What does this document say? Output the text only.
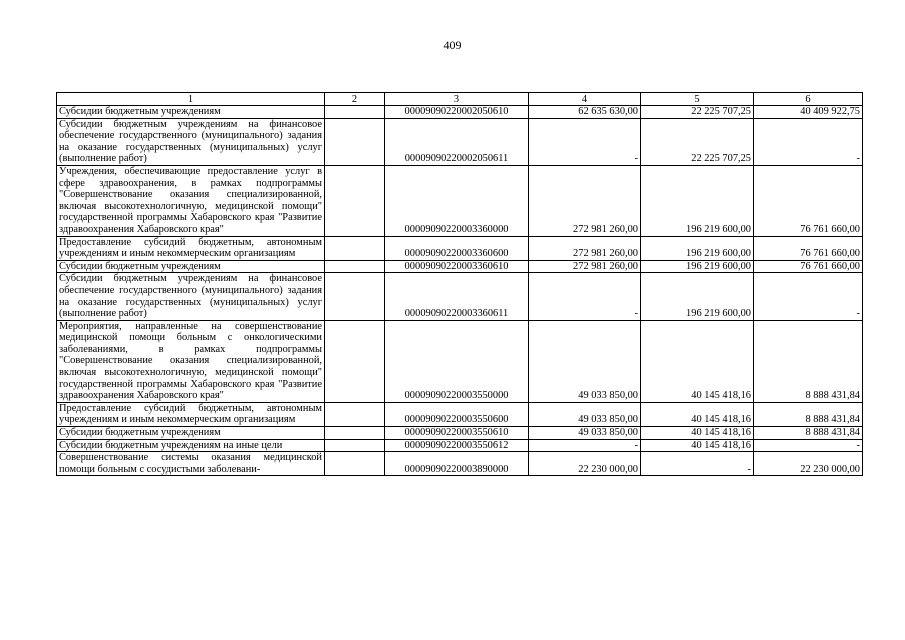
409
1	2	3	4	5	6
Субсидии бюджетным учреждениям		00009090220002050610	62 635 630,00	22 225 707,25	40 409 922,75
Субсидии бюджетным учреждениям на финансовое обеспечение государственного (муниципального) задания на оказание государственных (муниципальных) услуг (выполнение работ)		00009090220002050611	-	22 225 707,25	-
Учреждения, обеспечивающие предоставление услуг в сфере здравоохранения, в рамках подпрограммы "Совершенствование оказания специализированной, включая высокотехнологичную, медицинской помощи" государственной программы Хабаровского края "Развитие здравоохранения Хабаровского края"		00009090220003360000	272 981 260,00	196 219 600,00	76 761 660,00
Предоставление субсидий бюджетным, автономным учреждениям и иным некоммерческим организациям		00009090220003360600	272 981 260,00	196 219 600,00	76 761 660,00
Субсидии бюджетным учреждениям		00009090220003360610	272 981 260,00	196 219 600,00	76 761 660,00
Субсидии бюджетным учреждениям на финансовое обеспечение государственного (муниципального) задания на оказание государственных (муниципальных) услуг (выполнение работ)		00009090220003360611	-	196 219 600,00	-
Мероприятия, направленные на совершенствование медицинской помощи больным с онкологическими заболеваниями, в рамках подпрограммы "Совершенствование оказания специализированной, включая высокотехнологичную, медицинской помощи" государственной программы Хабаровского края "Развитие здравоохранения Хабаровского края"		00009090220003550000	49 033 850,00	40 145 418,16	8 888 431,84
Предоставление субсидий бюджетным, автономным учреждениям и иным некоммерческим организациям		00009090220003550600	49 033 850,00	40 145 418,16	8 888 431,84
Субсидии бюджетным учреждениям		00009090220003550610	49 033 850,00	40 145 418,16	8 888 431,84
Субсидии бюджетным учреждениям на иные цели		00009090220003550612	-	40 145 418,16	-
Совершенствование системы оказания медицинской помощи больным с сосудистыми заболевани-		00009090220003890000	22 230 000,00	-	22 230 000,00
